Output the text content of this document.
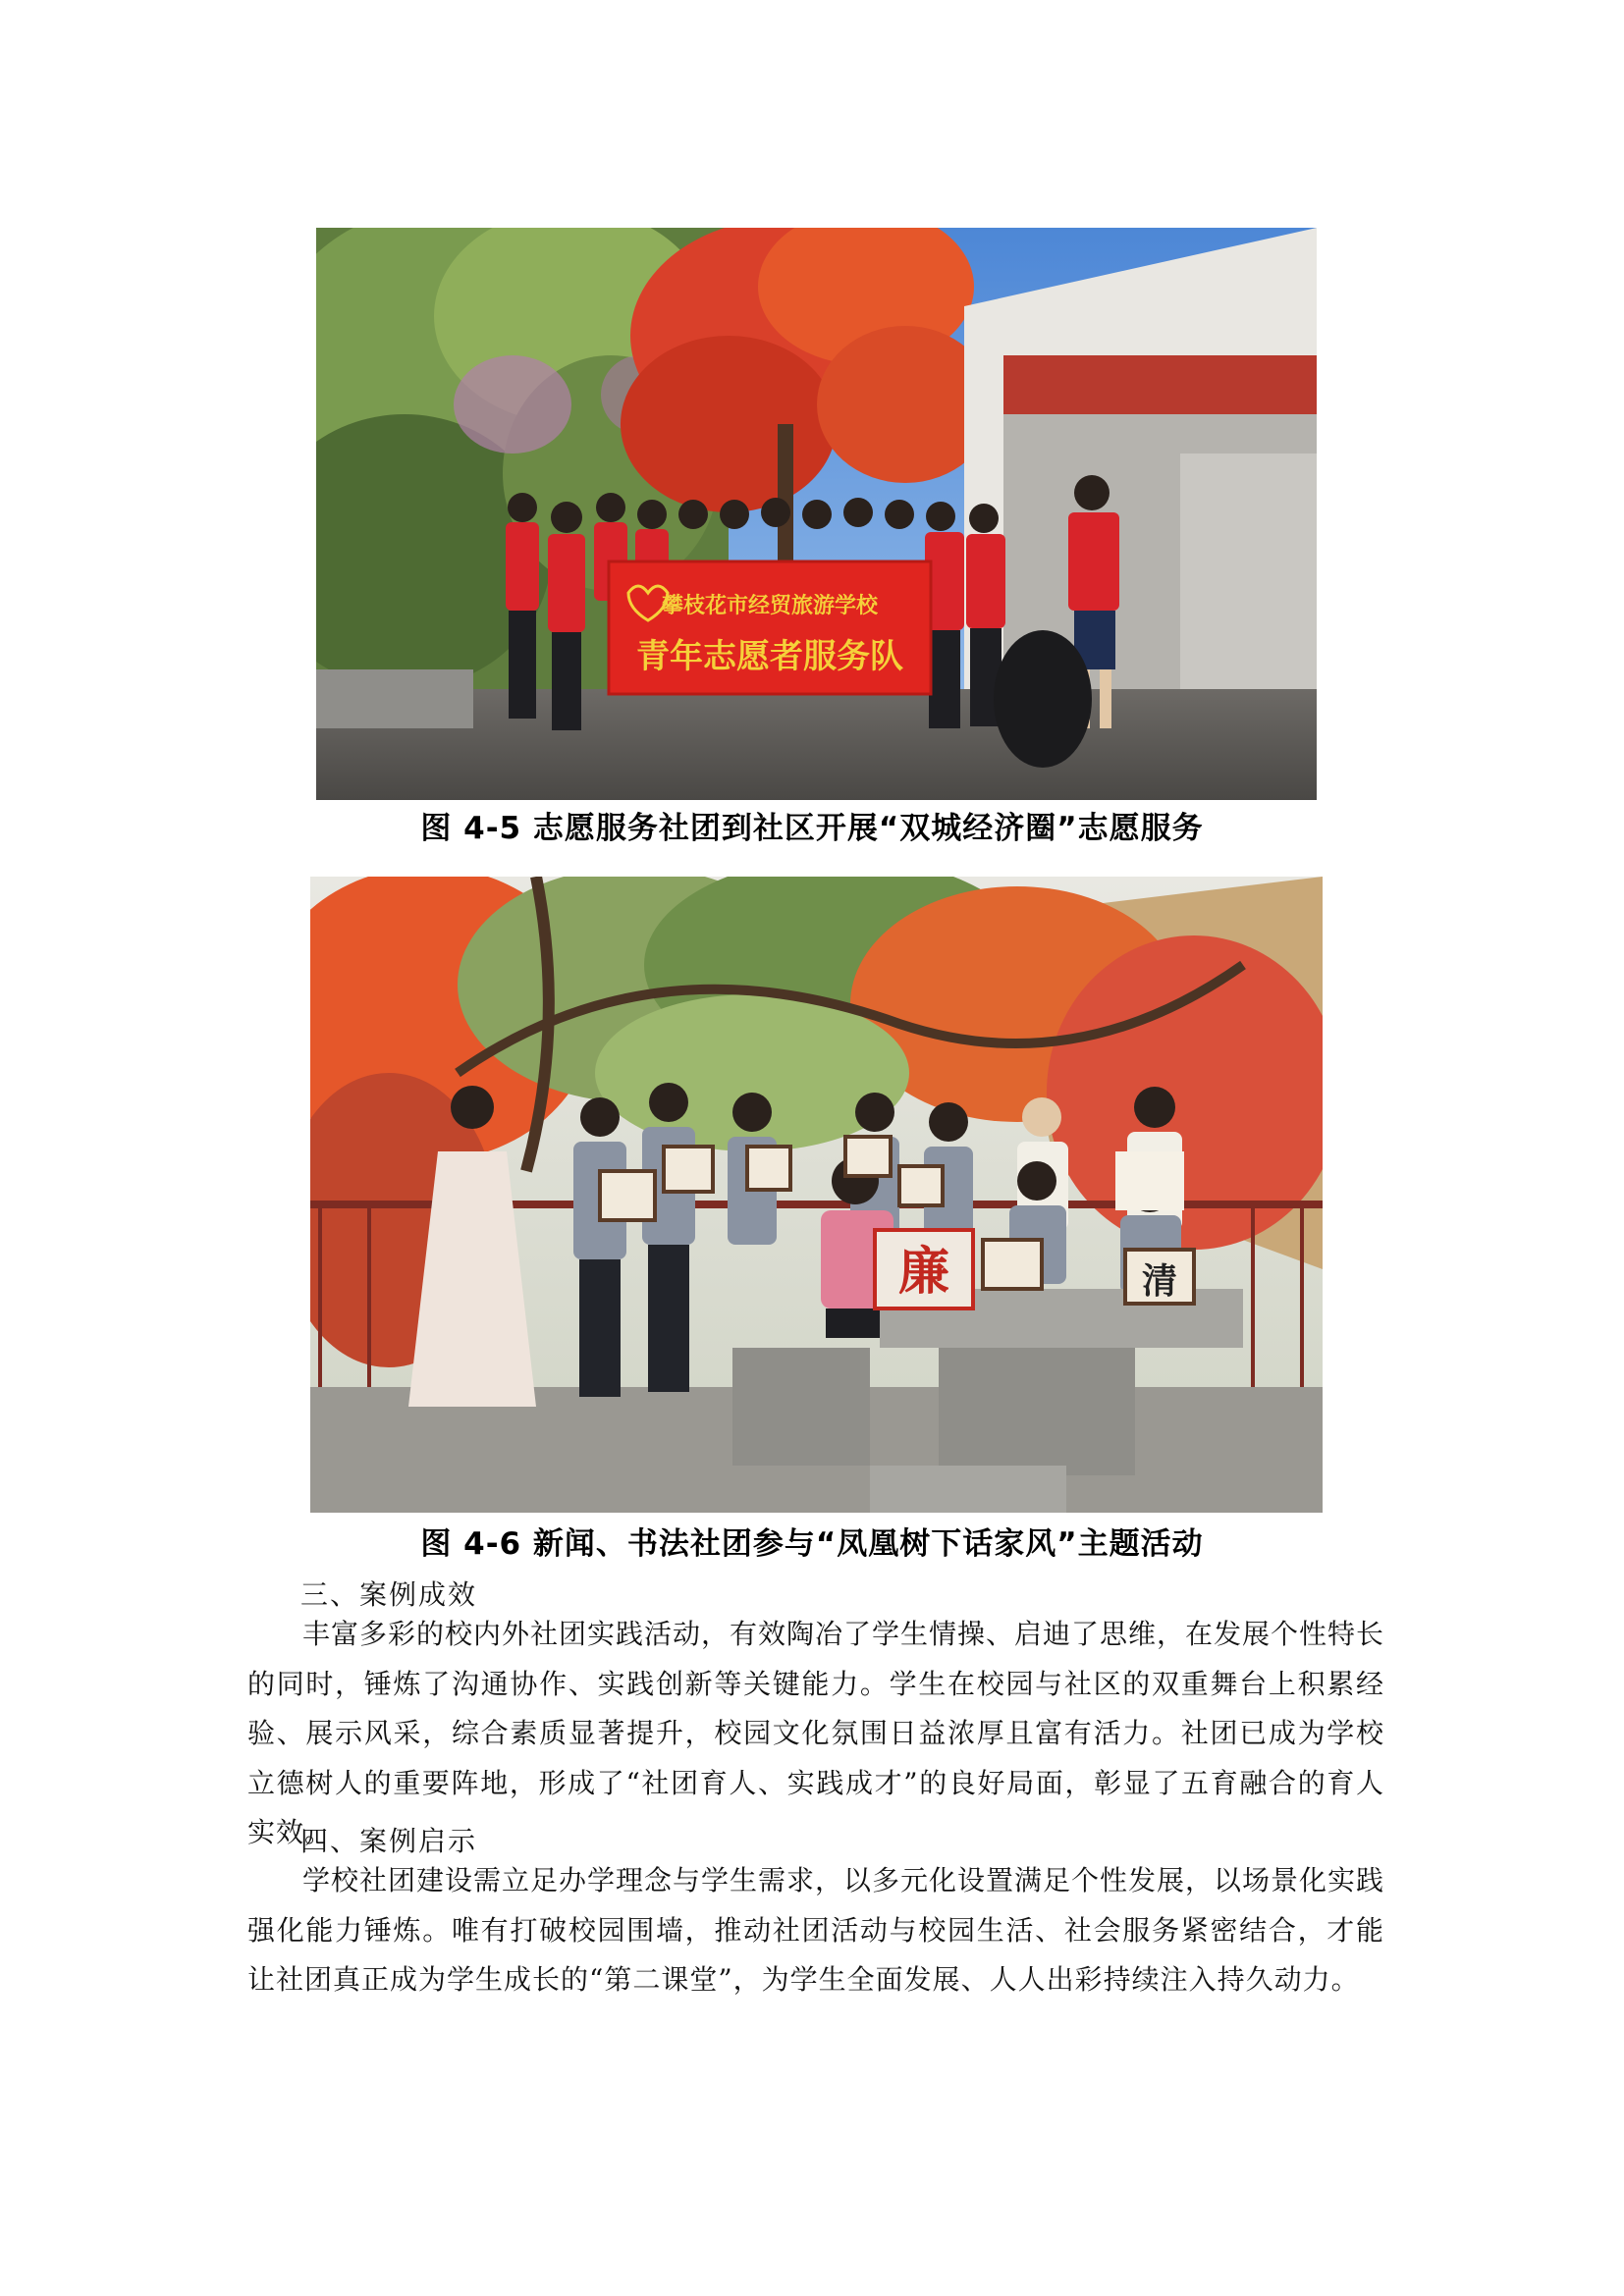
攀枝花市经贸旅游学校
青年志愿者服务队
图 4-5 志愿服务社团到社区开展“双城经济圈”志愿服务
廉	清
图 4-6 新闻、书法社团参与“凤凰树下话家风”主题活动
三、案例成效

丰富多彩的校内外社团实践活动，有效陶冶了学生情操、启迪了思维，在发展个性特长的同时，锤炼了沟通协作、实践创新等关键能力。学生在校园与社区的双重舞台上积累经验、展示风采，综合素质显著提升，校园文化氛围日益浓厚且富有活力。社团已成为学校立德树人的重要阵地，形成了“社团育人、实践成才”的良好局面，彰显了五育融合的育人实效。

四、案例启示

学校社团建设需立足办学理念与学生需求，以多元化设置满足个性发展，以场景化实践强化能力锤炼。唯有打破校园围墙，推动社团活动与校园生活、社会服务紧密结合，才能让社团真正成为学生成长的“第二课堂”，为学生全面发展、人人出彩持续注入持久动力。
